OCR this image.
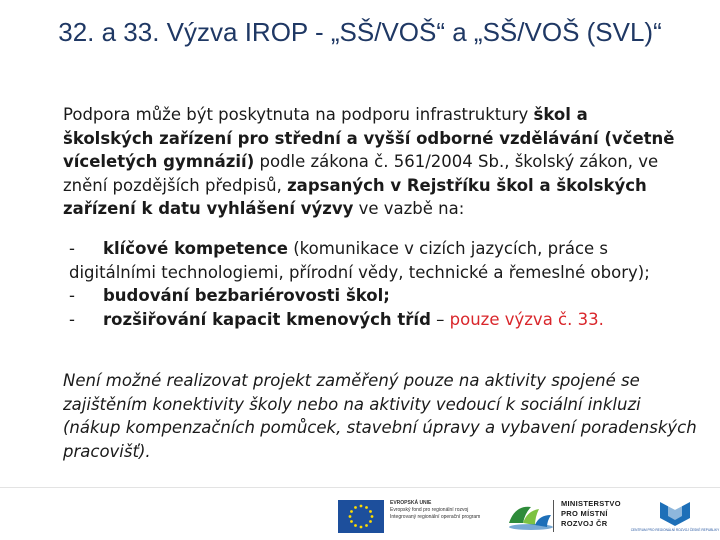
32. a 33. Výzva IROP - „SŠ/VOŠ“ a „SŠ/VOŠ (SVL)“

Podpora může být poskytnuta na podporu infrastruktury škol a školských zařízení pro střední a vyšší odborné vzdělávání (včetně víceletých gymnázií) podle zákona č. 561/2004 Sb., školský zákon, ve znění pozdějších předpisů, zapsaných v Rejstříku škol a školských zařízení k datu vyhlášení výzvy ve vazbě na:

- klíčové kompetence (komunikace v cizích jazycích, práce s digitálními technologiemi, přírodní vědy, technické a řemeslné obory);
- budování bezbariérovosti škol;
- rozšiřování kapacit kmenových tříd – pouze výzva č. 33.

Není možné realizovat projekt zaměřený pouze na aktivity spojené se zajištěním konektivity školy nebo na aktivity vedoucí k sociální inkluzi (nákup kompenzačních pomůcek, stavební úpravy a vybavení poradenských pracovišť).

EVROPSKÁ UNIE
Evropský fond pro regionální rozvoj
Integrovaný regionální operační program
MINISTERSTVO
PRO MÍSTNÍ
ROZVOJ ČR
CENTRUM PRO REGIONÁLNÍ ROZVOJ ČESKÉ REPUBLIKY
